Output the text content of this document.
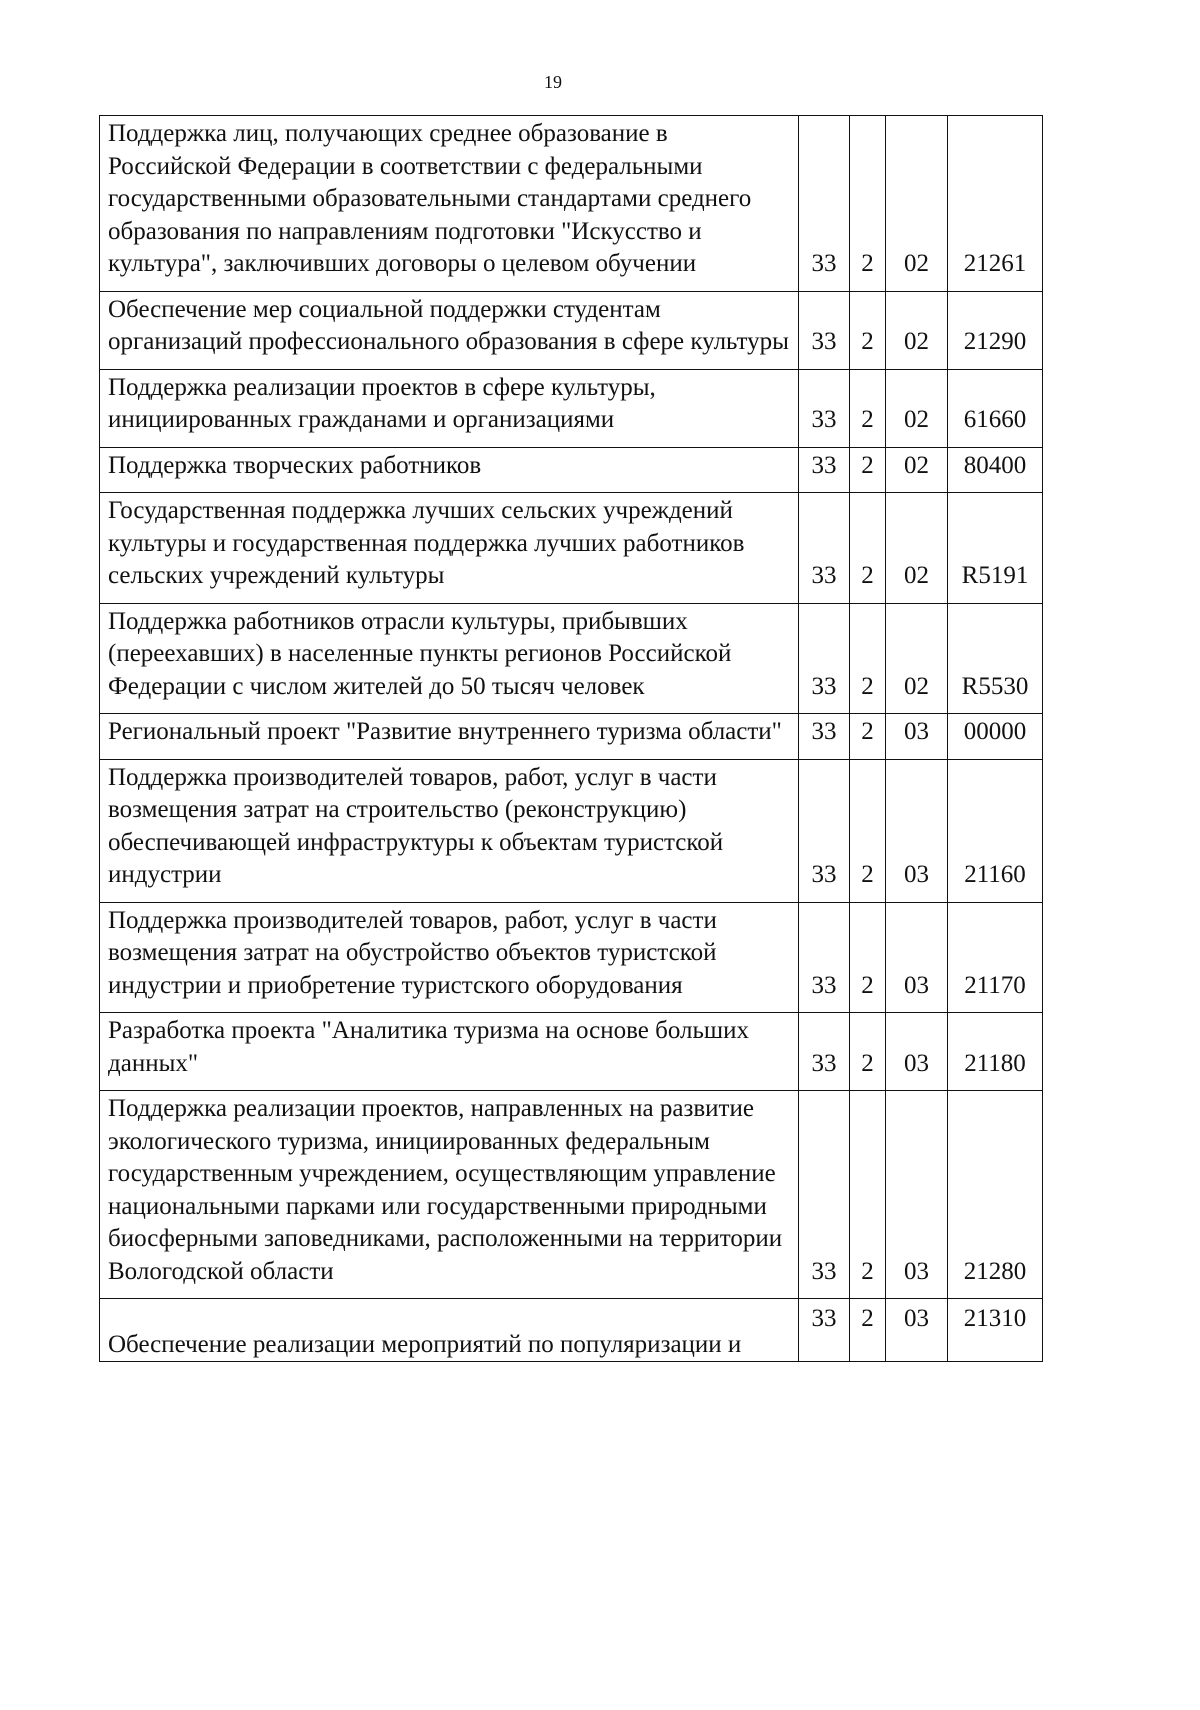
19
Поддержка лиц, получающих среднее образование в Российской Федерации в соответствии с федеральными государственными образовательными стандартами среднего образования по направлениям подготовки "Искусство и культура", заключивших договоры о целевом обучении	33	2	02	21261
Обеспечение мер социальной поддержки студентам организаций профессионального образования в сфере культуры	33	2	02	21290
Поддержка реализации проектов в сфере культуры, инициированных гражданами и организациями	33	2	02	61660
Поддержка творческих работников	33	2	02	80400
Государственная поддержка лучших сельских учреждений культуры и государственная поддержка лучших работников сельских учреждений культуры	33	2	02	R5191
Поддержка работников отрасли культуры, прибывших (переехавших) в населенные пункты регионов Российской Федерации с числом жителей до 50 тысяч человек	33	2	02	R5530
Региональный проект "Развитие внутреннего туризма области"	33	2	03	00000
Поддержка производителей товаров, работ, услуг в части возмещения затрат на строительство (реконструкцию) обеспечивающей инфраструктуры к объектам туристской индустрии	33	2	03	21160
Поддержка производителей товаров, работ, услуг в части возмещения затрат на обустройство объектов туристской индустрии и приобретение туристского оборудования	33	2	03	21170
Разработка проекта "Аналитика туризма на основе больших данных"	33	2	03	21180
Поддержка реализации проектов, направленных на развитие экологического туризма, инициированных федеральным государственным учреждением, осуществляющим управление национальными парками или государственными природными биосферными заповедниками, расположенными на территории Вологодской области	33	2	03	21280
Обеспечение реализации мероприятий по популяризации и	33	2	03	21310
